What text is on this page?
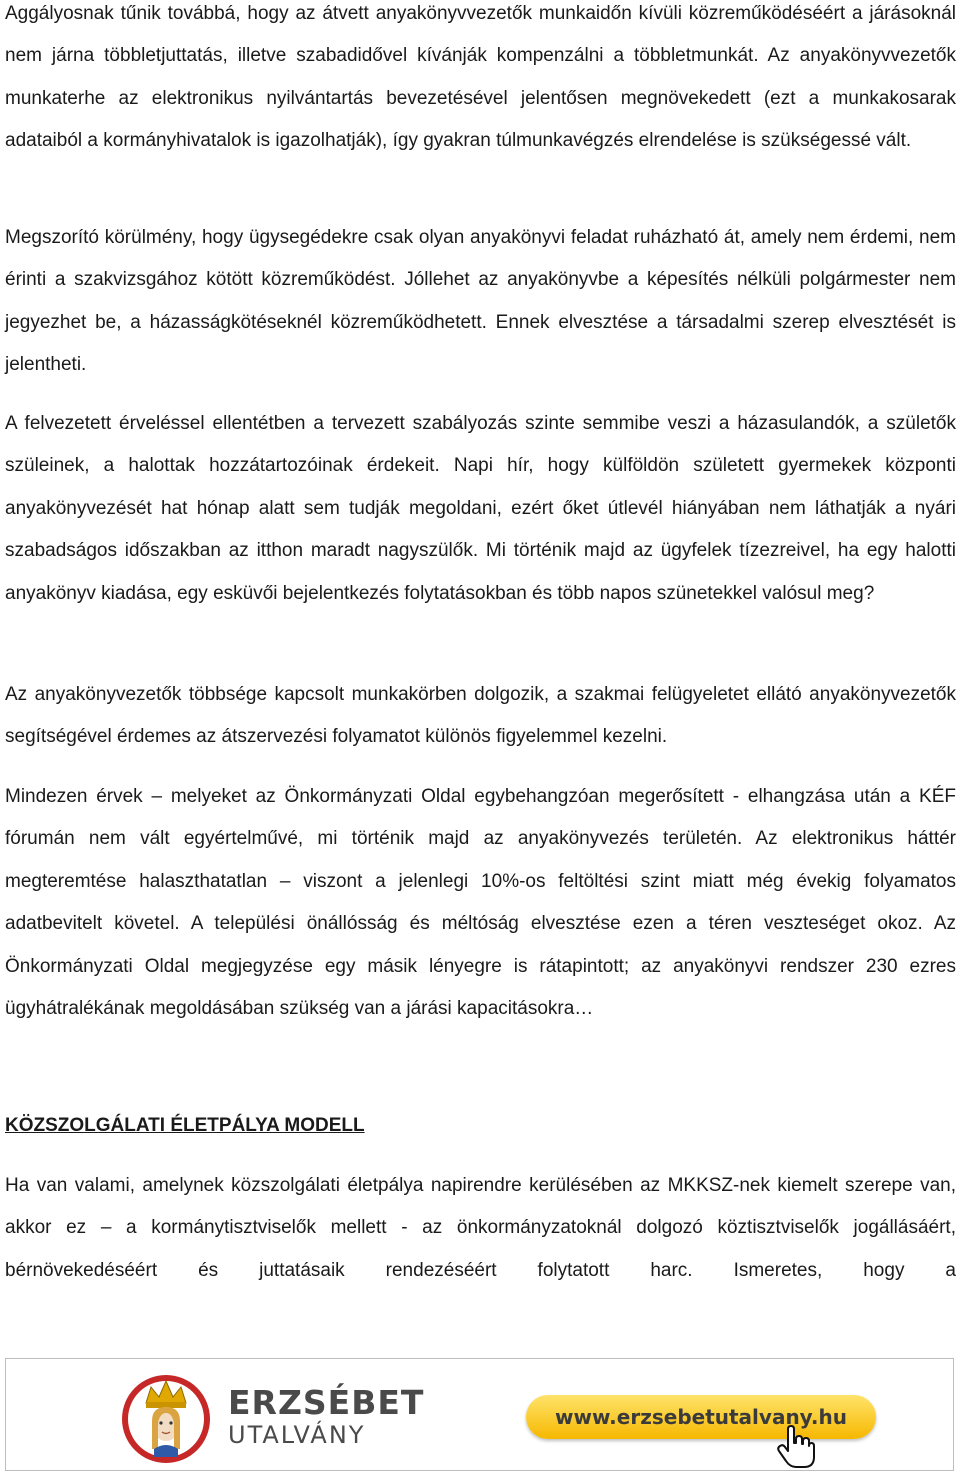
Aggályosnak tűnik továbbá, hogy az átvett anyakönyvvezetők munkaidőn kívüli közreműködéséért a járásoknál nem járna többletjuttatás, illetve szabadidővel kívánják kompenzálni a többletmunkát. Az anyakönyvvezetők munkaterhe az elektronikus nyilvántartás bevezetésével jelentősen megnövekedett (ezt a munkakosarak adataiból a kormányhivatalok is igazolhatják), így gyakran túlmunkavégzés elrendelése is szükségessé vált.

Megszorító körülmény, hogy ügysegédekre csak olyan anyakönyvi feladat ruházható át, amely nem érdemi, nem érinti a szakvizsgához kötött közreműködést. Jóllehet az anyakönyvbe a képesítés nélküli polgármester nem jegyezhet be, a házasságkötéseknél közreműködhetett. Ennek elvesztése a társadalmi szerep elvesztését is jelentheti.

A felvezetett érveléssel ellentétben a tervezett szabályozás szinte semmibe veszi a házasulandók, a születők szüleinek, a halottak hozzátartozóinak érdekeit. Napi hír, hogy külföldön született gyermekek központi anyakönyvezését hat hónap alatt sem tudják megoldani, ezért őket útlevél hiányában nem láthatják a nyári szabadságos időszakban az itthon maradt nagyszülők. Mi történik majd az ügyfelek tízezreivel, ha egy halotti anyakönyv kiadása, egy esküvői bejelentkezés folytatásokban és több napos szünetekkel valósul meg?

Az anyakönyvezetők többsége kapcsolt munkakörben dolgozik, a szakmai felügyeletet ellátó anyakönyvezetők segítségével érdemes az átszervezési folyamatot különös figyelemmel kezelni.

Mindezen érvek – melyeket az Önkormányzati Oldal egybehangzóan megerősített - elhangzása után a KÉF fórumán nem vált egyértelművé, mi történik majd az anyakönyvezés területén. Az elektronikus háttér megteremtése halaszthatatlan – viszont a jelenlegi 10%-os feltöltési szint miatt még évekig folyamatos adatbevitelt követel. A települési önállósság és méltóság elvesztése ezen a téren veszteséget okoz. Az Önkormányzati Oldal megjegyzése egy másik lényegre is rátapintott; az anyakönyvi rendszer 230 ezres ügyhátralékának megoldásában szükség van a járási kapacitásokra…

KÖZSZOLGÁLATI ÉLETPÁLYA MODELL

Ha van valami, amelynek közszolgálati életpálya napirendre kerülésében az MKKSZ-nek kiemelt szerepe van, akkor ez – a kormánytisztviselők mellett - az önkormányzatoknál dolgozó köztisztviselők jogállásáért, bérnövekedéséért és juttatásaik rendezéséért folytatott harc. Ismeretes, hogy a

ERZSÉBET
UTALVÁNY
www.erzsebetutalvany.hu
